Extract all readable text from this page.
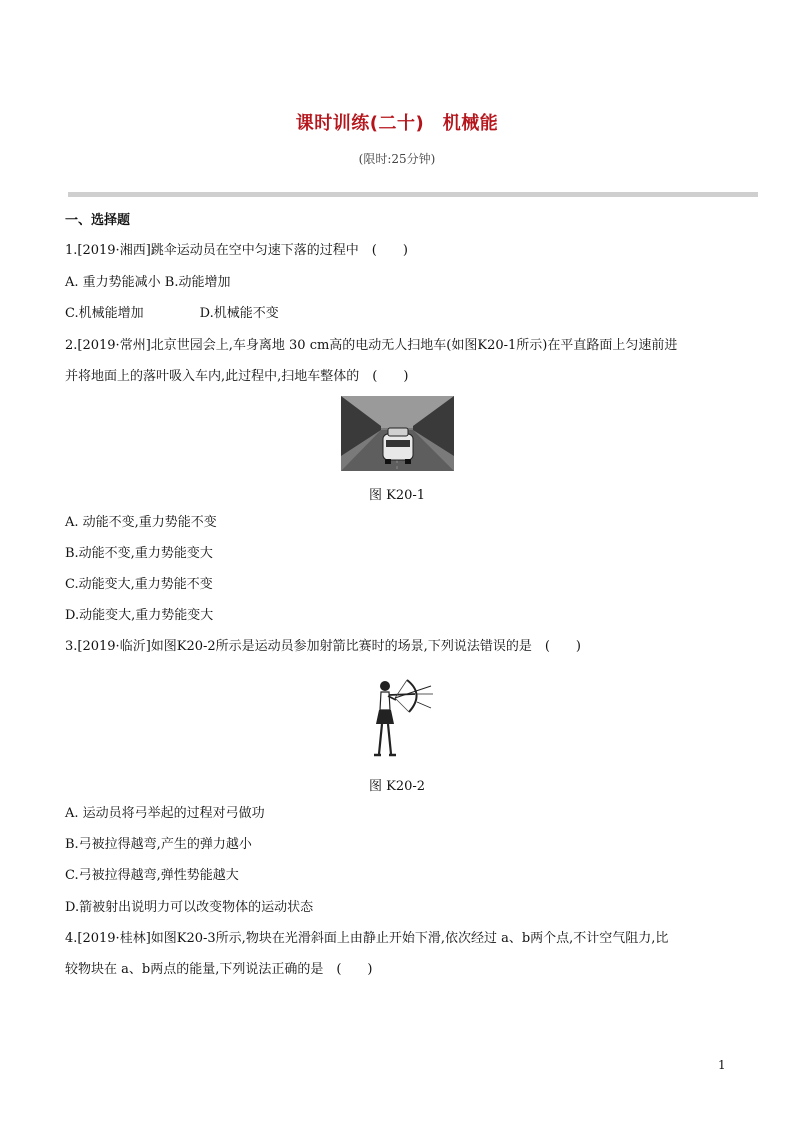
课时训练(二十)　机械能
(限时:25分钟)
一、选择题
1.[2019·湘西]跳伞运动员在空中匀速下落的过程中　(　　)
A. 重力势能减小 B.动能增加
C.机械能增加	D.机械能不变
2.[2019·常州]北京世园会上,车身离地 30 cm高的电动无人扫地车(如图K20-1所示)在平直路面上匀速前进
并将地面上的落叶吸入车内,此过程中,扫地车整体的　(　　)
图 K20-1
A. 动能不变,重力势能不变
B.动能不变,重力势能变大
C.动能变大,重力势能不变
D.动能变大,重力势能变大
3.[2019·临沂]如图K20-2所示是运动员参加射箭比赛时的场景,下列说法错误的是　(　　)
图 K20-2
A. 运动员将弓举起的过程对弓做功
B.弓被拉得越弯,产生的弹力越小
C.弓被拉得越弯,弹性势能越大
D.箭被射出说明力可以改变物体的运动状态
4.[2019·桂林]如图K20-3所示,物块在光滑斜面上由静止开始下滑,依次经过 a、b两个点,不计空气阻力,比
较物块在 a、b两点的能量,下列说法正确的是　(　　)
1
